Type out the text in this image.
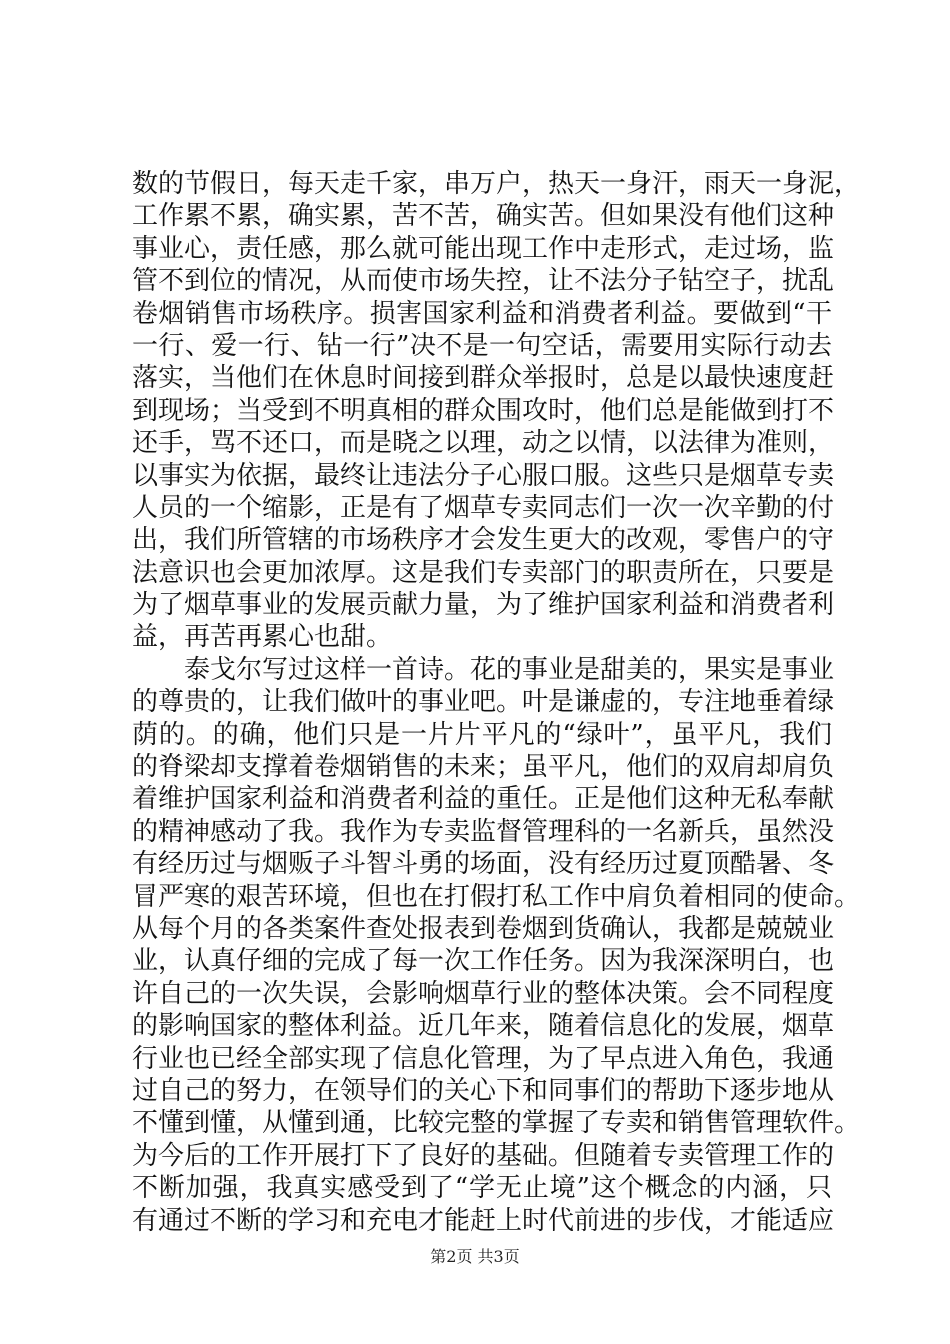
数的节假日，每天走千家，串万户，热天一身汗，雨天一身泥，
工作累不累，确实累，苦不苦，确实苦。但如果没有他们这种
事业心，责任感，那么就可能出现工作中走形式，走过场，监
管不到位的情况，从而使市场失控，让不法分子钻空子，扰乱
卷烟销售市场秩序。损害国家利益和消费者利益。要做到“干
一行、爱一行、钻一行”决不是一句空话，需要用实际行动去
落实，当他们在休息时间接到群众举报时，总是以最快速度赶
到现场；当受到不明真相的群众围攻时，他们总是能做到打不
还手，骂不还口，而是晓之以理，动之以情，以法律为准则，
以事实为依据，最终让违法分子心服口服。这些只是烟草专卖
人员的一个缩影，正是有了烟草专卖同志们一次一次辛勤的付
出，我们所管辖的市场秩序才会发生更大的改观，零售户的守
法意识也会更加浓厚。这是我们专卖部门的职责所在，只要是
为了烟草事业的发展贡献力量，为了维护国家利益和消费者利
益，再苦再累心也甜。
泰戈尔写过这样一首诗。花的事业是甜美的，果实是事业
的尊贵的，让我们做叶的事业吧。叶是谦虚的，专注地垂着绿
荫的。的确，他们只是一片片平凡的“绿叶”，虽平凡，我们
的脊梁却支撑着卷烟销售的未来；虽平凡，他们的双肩却肩负
着维护国家利益和消费者利益的重任。正是他们这种无私奉献
的精神感动了我。我作为专卖监督管理科的一名新兵，虽然没
有经历过与烟贩子斗智斗勇的场面，没有经历过夏顶酷暑、冬
冒严寒的艰苦环境，但也在打假打私工作中肩负着相同的使命。
从每个月的各类案件查处报表到卷烟到货确认，我都是兢兢业
业，认真仔细的完成了每一次工作任务。因为我深深明白，也
许自己的一次失误，会影响烟草行业的整体决策。会不同程度
的影响国家的整体利益。近几年来，随着信息化的发展，烟草
行业也已经全部实现了信息化管理，为了早点进入角色，我通
过自己的努力，在领导们的关心下和同事们的帮助下逐步地从
不懂到懂，从懂到通，比较完整的掌握了专卖和销售管理软件。
为今后的工作开展打下了良好的基础。但随着专卖管理工作的
不断加强，我真实感受到了“学无止境”这个概念的内涵，只
有通过不断的学习和充电才能赶上时代前进的步伐，才能适应
第2页 共3页
